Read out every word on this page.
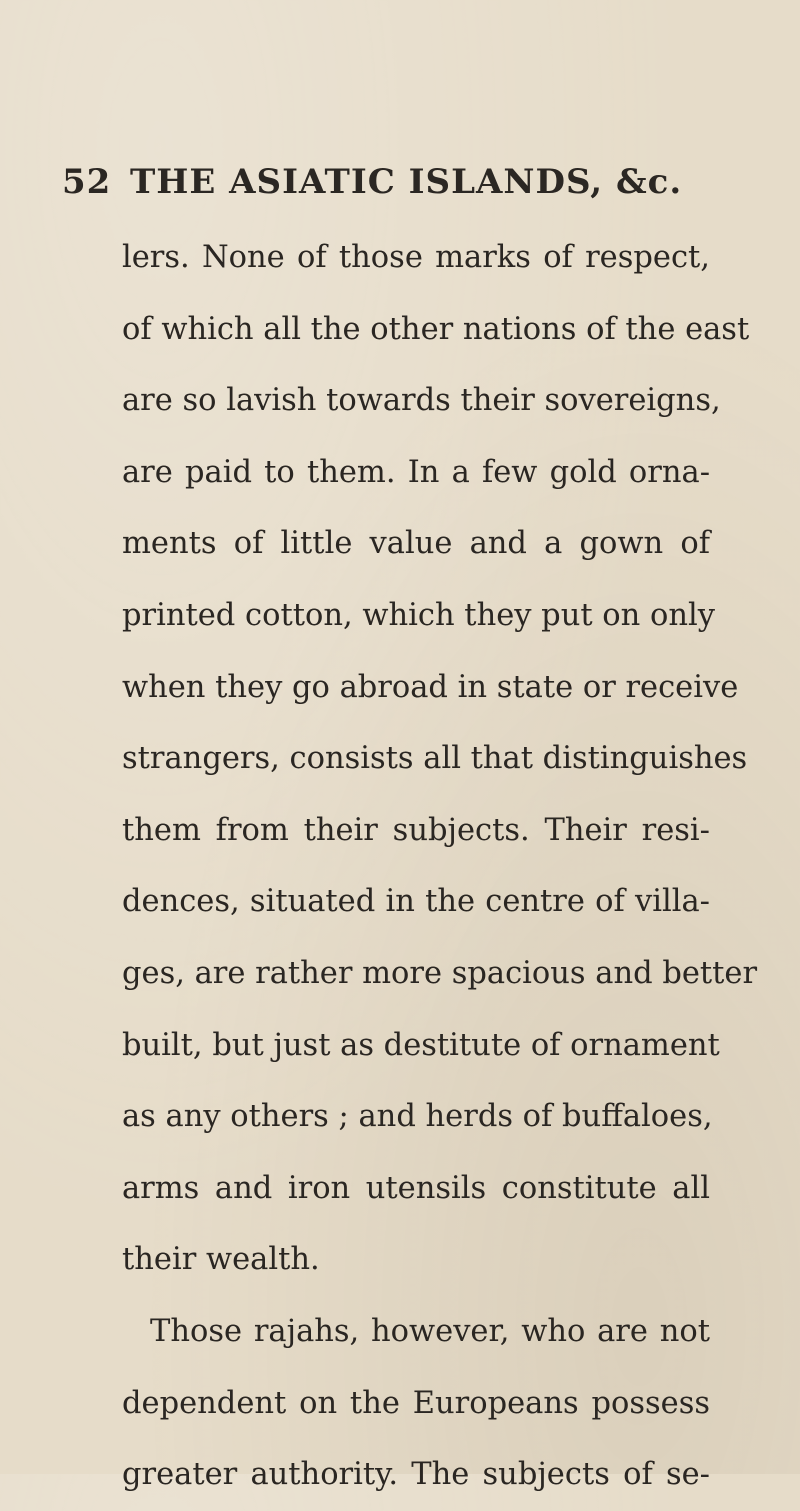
52 THE ASIATIC ISLANDS, &c.
lers. None of those marks of respect,
of which all the other nations of the east
are so lavish towards their sovereigns,
are paid to them. In a few gold orna-
ments of little value and a gown of
printed cotton, which they put on only
when they go abroad in state or receive
strangers, consists all that distinguishes
them from their subjects. Their resi-
dences, situated in the centre of villa-
ges, are rather more spacious and better
built, but just as destitute of ornament
as any others ; and herds of buffaloes,
arms and iron utensils constitute all
their wealth.
Those rajahs, however, who are not
dependent on the Europeans possess
greater authority. The subjects of se-
